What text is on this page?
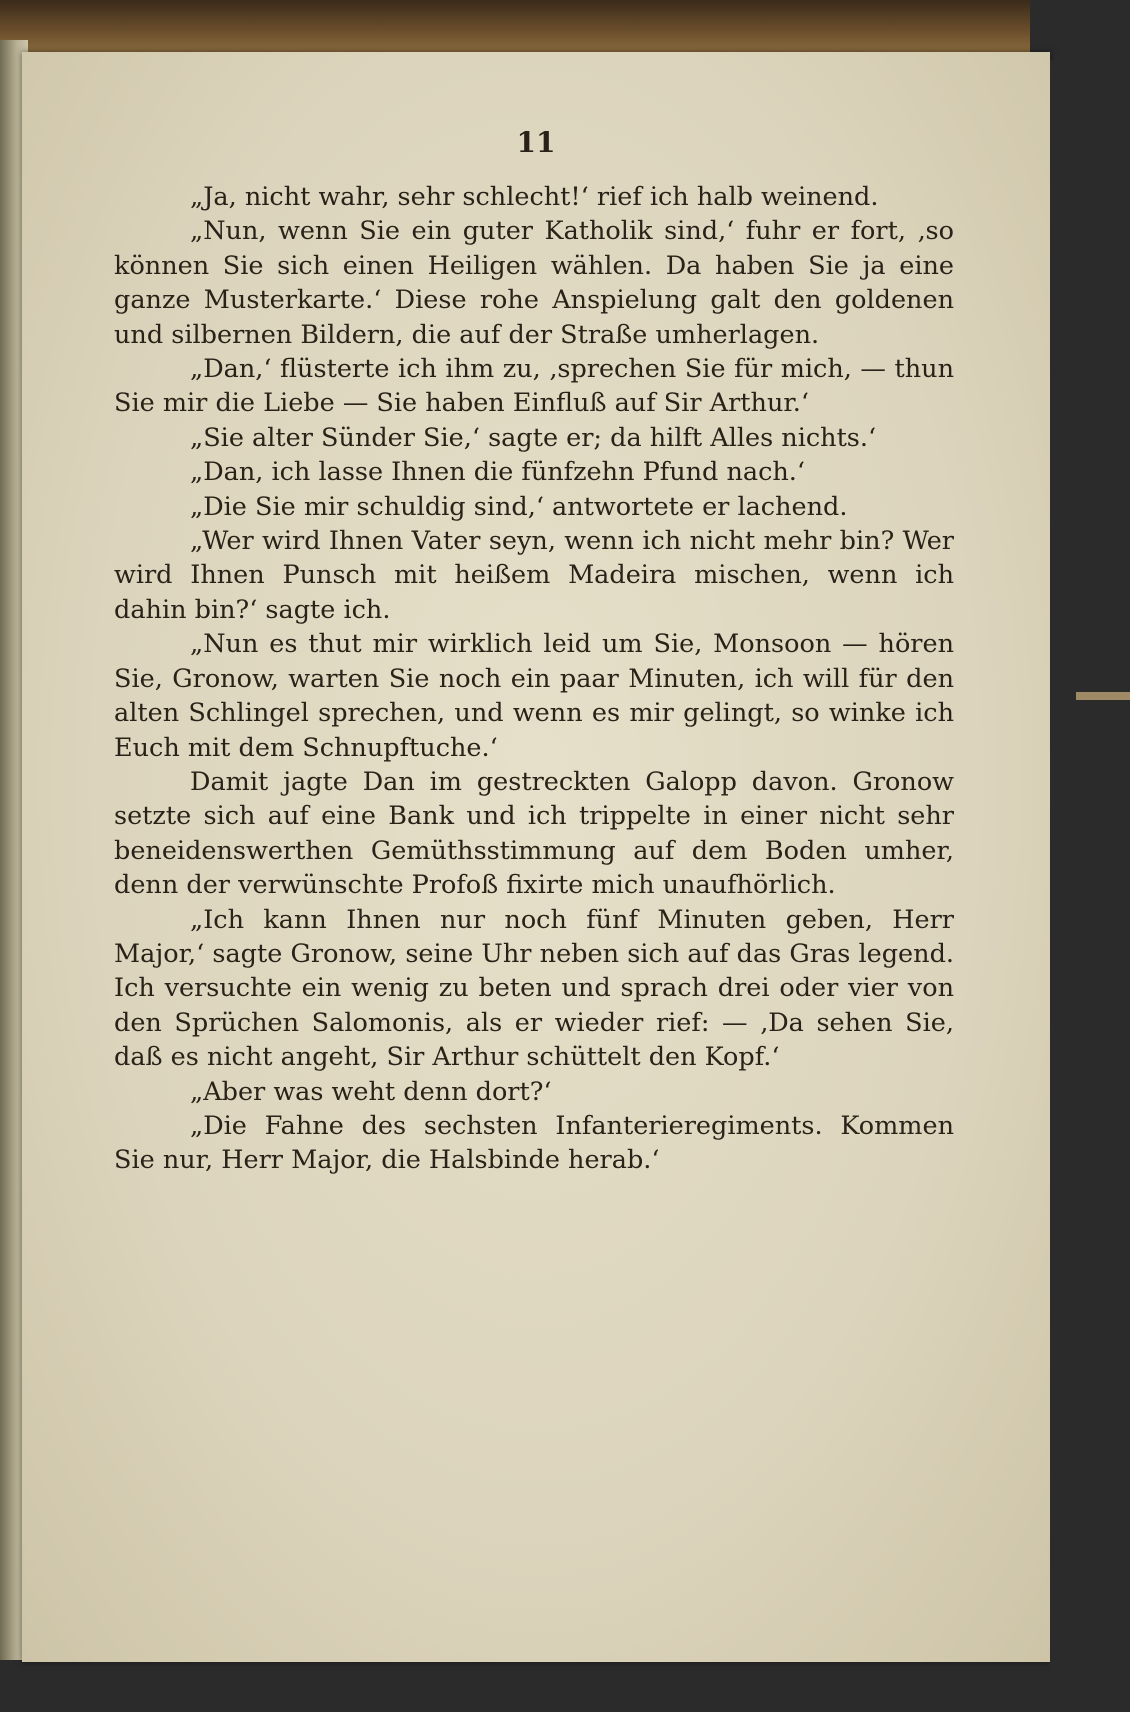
11

„Ja, nicht wahr, sehr schlecht!‘ rief ich halb weinend.

„Nun, wenn Sie ein guter Katholik sind,‘ fuhr er fort, ‚so können Sie sich einen Heiligen wählen. Da haben Sie ja eine ganze Musterkarte.‘ Diese rohe Anspielung galt den goldenen und silbernen Bildern, die auf der Straße umherlagen.

„Dan,‘ flüsterte ich ihm zu, ‚sprechen Sie für mich, — thun Sie mir die Liebe — Sie haben Einfluß auf Sir Arthur.‘

„Sie alter Sünder Sie,‘ sagte er; da hilft Alles nichts.‘

„Dan, ich lasse Ihnen die fünfzehn Pfund nach.‘

„Die Sie mir schuldig sind,‘ antwortete er lachend.

„Wer wird Ihnen Vater seyn, wenn ich nicht mehr bin? Wer wird Ihnen Punsch mit heißem Madeira mischen, wenn ich dahin bin?‘ sagte ich.

„Nun es thut mir wirklich leid um Sie, Monsoon — hören Sie, Gronow, warten Sie noch ein paar Minuten, ich will für den alten Schlingel sprechen, und wenn es mir gelingt, so winke ich Euch mit dem Schnupftuche.‘

Damit jagte Dan im gestreckten Galopp davon. Gronow setzte sich auf eine Bank und ich trippelte in einer nicht sehr beneidenswerthen Gemüthsstimmung auf dem Boden umher, denn der verwünschte Profoß fixirte mich unaufhörlich.

„Ich kann Ihnen nur noch fünf Minuten geben, Herr Major,‘ sagte Gronow, seine Uhr neben sich auf das Gras legend. Ich versuchte ein wenig zu beten und sprach drei oder vier von den Sprüchen Salomonis, als er wieder rief: — ‚Da sehen Sie, daß es nicht angeht, Sir Arthur schüttelt den Kopf.‘

„Aber was weht denn dort?‘

„Die Fahne des sechsten Infanterieregiments. Kommen Sie nur, Herr Major, die Halsbinde herab.‘
